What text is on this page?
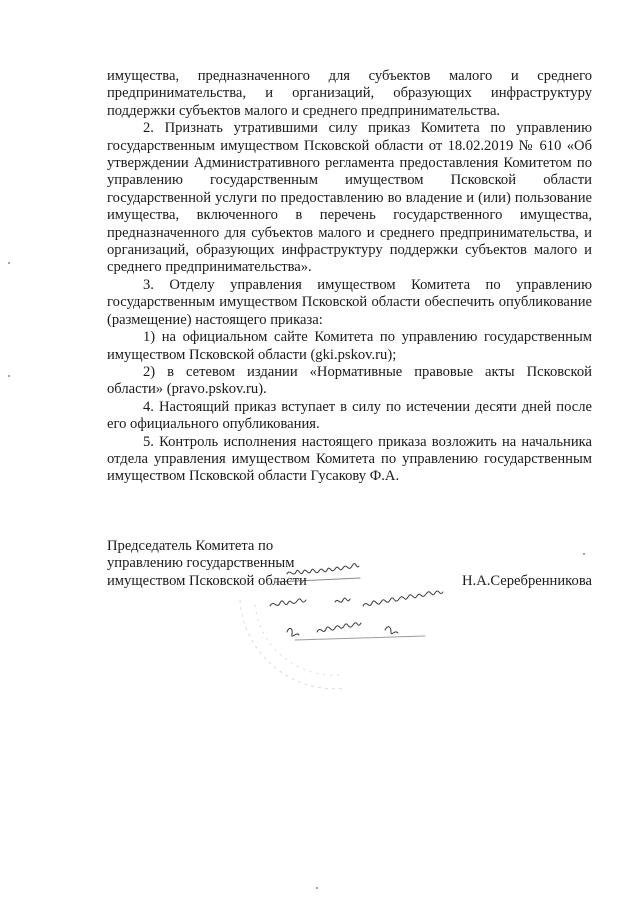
имущества, предназначенного для субъектов малого и среднего предпринимательства, и организаций, образующих инфраструктуру поддержки субъектов малого и среднего предпринимательства.

2. Признать утратившими силу приказ Комитета по управлению государственным имуществом Псковской области от 18.02.2019 № 610 «Об утверждении Административного регламента предоставления Комитетом по управлению государственным имуществом Псковской области государственной услуги по предоставлению во владение и (или) пользование имущества, включенного в перечень государственного имущества, предназначенного для субъектов малого и среднего предпринимательства, и организаций, образующих инфраструктуру поддержки субъектов малого и среднего предпринимательства».

3. Отделу управления имуществом Комитета по управлению государственным имуществом Псковской области обеспечить опубликование (размещение) настоящего приказа:

1) на официальном сайте Комитета по управлению государственным имуществом Псковской области (gki.pskov.ru);

2) в сетевом издании «Нормативные правовые акты Псковской области» (pravo.pskov.ru).

4. Настоящий приказ вступает в силу по истечении десяти дней после его официального опубликования.

5. Контроль исполнения настоящего приказа возложить на начальника отдела управления имуществом Комитета по управлению государственным имуществом Псковской области Гусакову Ф.А.

Председатель Комитета по
управлению государственным
имуществом Псковской области	Н.А.Серебренникова
